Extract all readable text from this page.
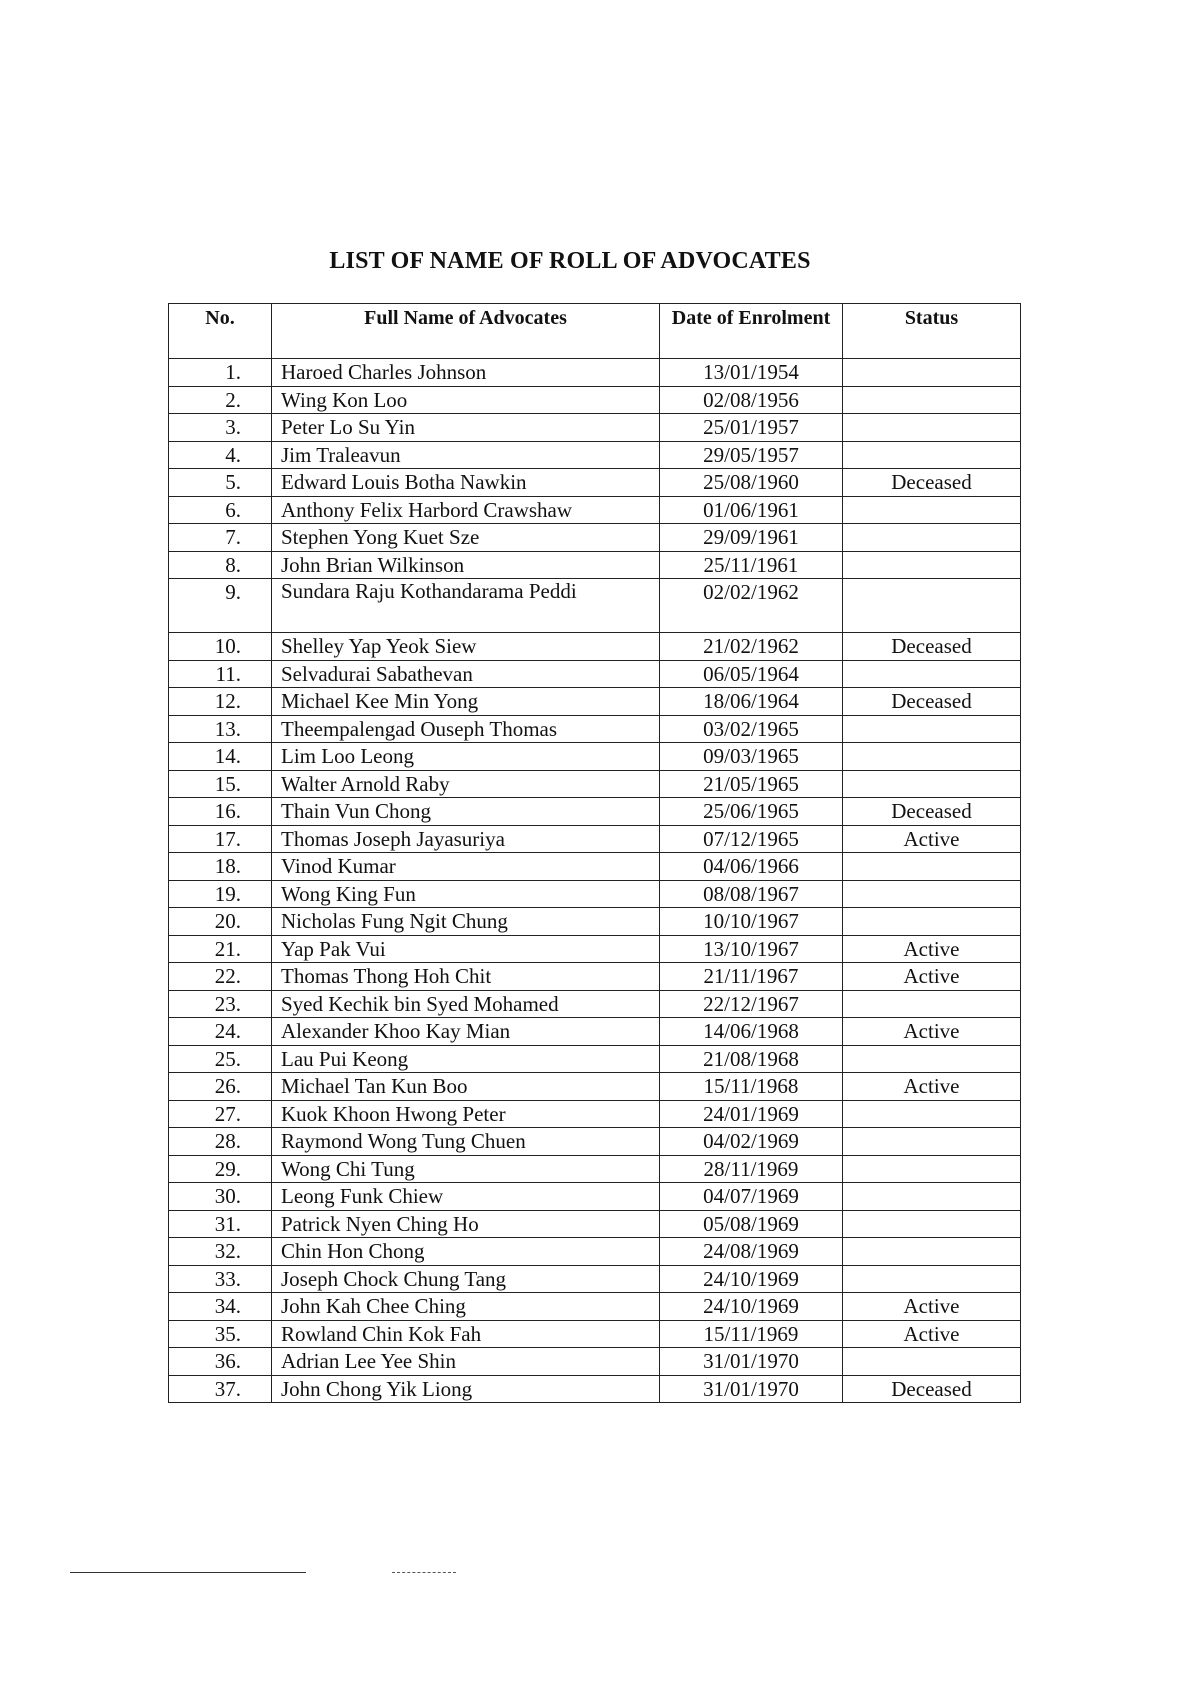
LIST OF NAME OF ROLL OF ADVOCATES
No.	Full Name of Advocates	Date of Enrolment	Status
1.	Haroed Charles Johnson	13/01/1954	
2.	Wing Kon Loo	02/08/1956	
3.	Peter Lo Su Yin	25/01/1957	
4.	Jim Traleavun	29/05/1957	
5.	Edward Louis Botha Nawkin	25/08/1960	Deceased
6.	Anthony Felix Harbord Crawshaw	01/06/1961	
7.	Stephen Yong Kuet Sze	29/09/1961	
8.	John Brian Wilkinson	25/11/1961	
9.	Sundara Raju Kothandarama Peddi	02/02/1962	
10.	Shelley Yap Yeok Siew	21/02/1962	Deceased
11.	Selvadurai Sabathevan	06/05/1964	
12.	Michael Kee Min Yong	18/06/1964	Deceased
13.	Theempalengad Ouseph Thomas	03/02/1965	
14.	Lim Loo Leong	09/03/1965	
15.	Walter Arnold Raby	21/05/1965	
16.	Thain Vun Chong	25/06/1965	Deceased
17.	Thomas Joseph Jayasuriya	07/12/1965	Active
18.	Vinod Kumar	04/06/1966	
19.	Wong King Fun	08/08/1967	
20.	Nicholas Fung Ngit Chung	10/10/1967	
21.	Yap Pak Vui	13/10/1967	Active
22.	Thomas Thong Hoh Chit	21/11/1967	Active
23.	Syed Kechik bin Syed Mohamed	22/12/1967	
24.	Alexander Khoo Kay Mian	14/06/1968	Active
25.	Lau Pui Keong	21/08/1968	
26.	Michael Tan Kun Boo	15/11/1968	Active
27.	Kuok Khoon Hwong Peter	24/01/1969	
28.	Raymond Wong Tung Chuen	04/02/1969	
29.	Wong Chi Tung	28/11/1969	
30.	Leong Funk Chiew	04/07/1969	
31.	Patrick Nyen Ching Ho	05/08/1969	
32.	Chin Hon Chong	24/08/1969	
33.	Joseph Chock Chung Tang	24/10/1969	
34.	John Kah Chee Ching	24/10/1969	Active
35.	Rowland Chin Kok Fah	15/11/1969	Active
36.	Adrian Lee Yee Shin	31/01/1970	
37.	John Chong Yik Liong	31/01/1970	Deceased
